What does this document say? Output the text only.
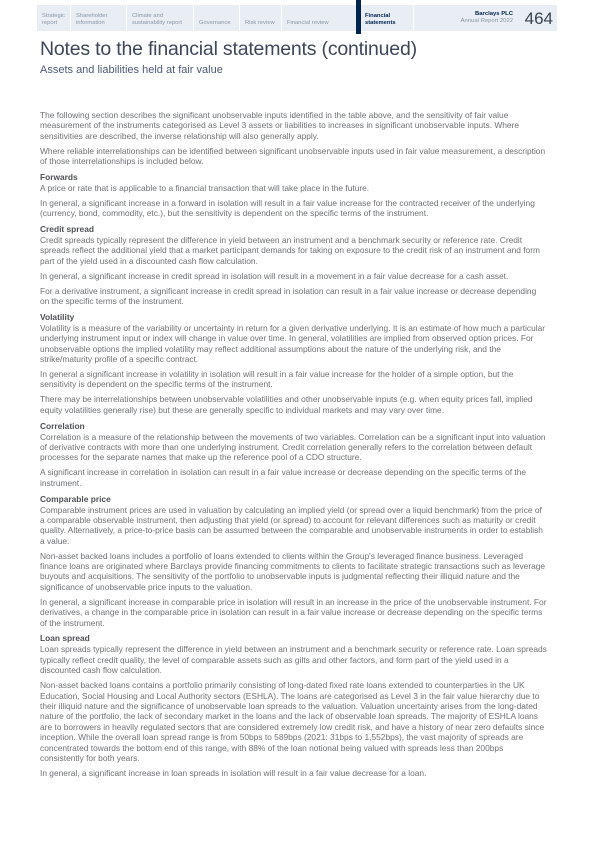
Strategic report
Shareholder information
Climate and sustainability report	Governance Risk review Financial review
Financial statements
Barclays PLC
Annual Report 2022 464
Notes to the financial statements (continued)
Assets and liabilities held at fair value

The following section describes the significant unobservable inputs identified in the table above, and the sensitivity of fair value measurement of the instruments categorised as Level 3 assets or liabilities to increases in significant unobservable inputs. Where sensitivities are described, the inverse relationship will also generally apply.

Where reliable interrelationships can be identified between significant unobservable inputs used in fair value measurement, a description of those interrelationships is included below.

Forwards

A price or rate that is applicable to a financial transaction that will take place in the future.

In general, a significant increase in a forward in isolation will result in a fair value increase for the contracted receiver of the underlying (currency, bond, commodity, etc.), but the sensitivity is dependent on the specific terms of the instrument.

Credit spread

Credit spreads typically represent the difference in yield between an instrument and a benchmark security or reference rate. Credit spreads reflect the additional yield that a market participant demands for taking on exposure to the credit risk of an instrument and form part of the yield used in a discounted cash flow calculation.

In general, a significant increase in credit spread in isolation will result in a movement in a fair value decrease for a cash asset.

For a derivative instrument, a significant increase in credit spread in isolation can result in a fair value increase or decrease depending on the specific terms of the instrument.

Volatility

Volatility is a measure of the variability or uncertainty in return for a given derivative underlying. It is an estimate of how much a particular underlying instrument input or index will change in value over time. In general, volatilities are implied from observed option prices. For unobservable options the implied volatility may reflect additional assumptions about the nature of the underlying risk, and the strike/maturity profile of a specific contract.

In general a significant increase in volatility in isolation will result in a fair value increase for the holder of a simple option, but the sensitivity is dependent on the specific terms of the instrument.

There may be interrelationships between unobservable volatilities and other unobservable inputs (e.g. when equity prices fall, implied equity volatilities generally rise) but these are generally specific to individual markets and may vary over time.

Correlation

Correlation is a measure of the relationship between the movements of two variables. Correlation can be a significant input into valuation of derivative contracts with more than one underlying instrument. Credit correlation generally refers to the correlation between default processes for the separate names that make up the reference pool of a CDO structure.

A significant increase in correlation in isolation can result in a fair value increase or decrease depending on the specific terms of the instrument.

Comparable price

Comparable instrument prices are used in valuation by calculating an implied yield (or spread over a liquid benchmark) from the price of a comparable observable instrument, then adjusting that yield (or spread) to account for relevant differences such as maturity or credit quality. Alternatively, a price-to-price basis can be assumed between the comparable and unobservable instruments in order to establish a value.

Non-asset backed loans includes a portfolio of loans extended to clients within the Group's leveraged finance business. Leveraged finance loans are originated where Barclays provide financing commitments to clients to facilitate strategic transactions such as leverage buyouts and acquisitions. The sensitivity of the portfolio to unobservable inputs is judgmental reflecting their illiquid nature and the significance of unobservable price inputs to the valuation.

In general, a significant increase in comparable price in isolation will result in an increase in the price of the unobservable instrument. For derivatives, a change in the comparable price in isolation can result in a fair value increase or decrease depending on the specific terms of the instrument.

Loan spread

Loan spreads typically represent the difference in yield between an instrument and a benchmark security or reference rate. Loan spreads typically reflect credit quality, the level of comparable assets such as gilts and other factors, and form part of the yield used in a discounted cash flow calculation.

Non-asset backed loans contains a portfolio primarily consisting of long-dated fixed rate loans extended to counterparties in the UK Education, Social Housing and Local Authority sectors (ESHLA). The loans are categorised as Level 3 in the fair value hierarchy due to their illiquid nature and the significance of unobservable loan spreads to the valuation. Valuation uncertainty arises from the long-dated nature of the portfolio, the lack of secondary market in the loans and the lack of observable loan spreads. The majority of ESHLA loans are to borrowers in heavily regulated sectors that are considered extremely low credit risk, and have a history of near zero defaults since inception. While the overall loan spread range is from 50bps to 589bps (2021: 31bps to 1,552bps), the vast majority of spreads are concentrated towards the bottom end of this range, with 88% of the loan notional being valued with spreads less than 200bps consistently for both years.

In general, a significant increase in loan spreads in isolation will result in a fair value decrease for a loan.
